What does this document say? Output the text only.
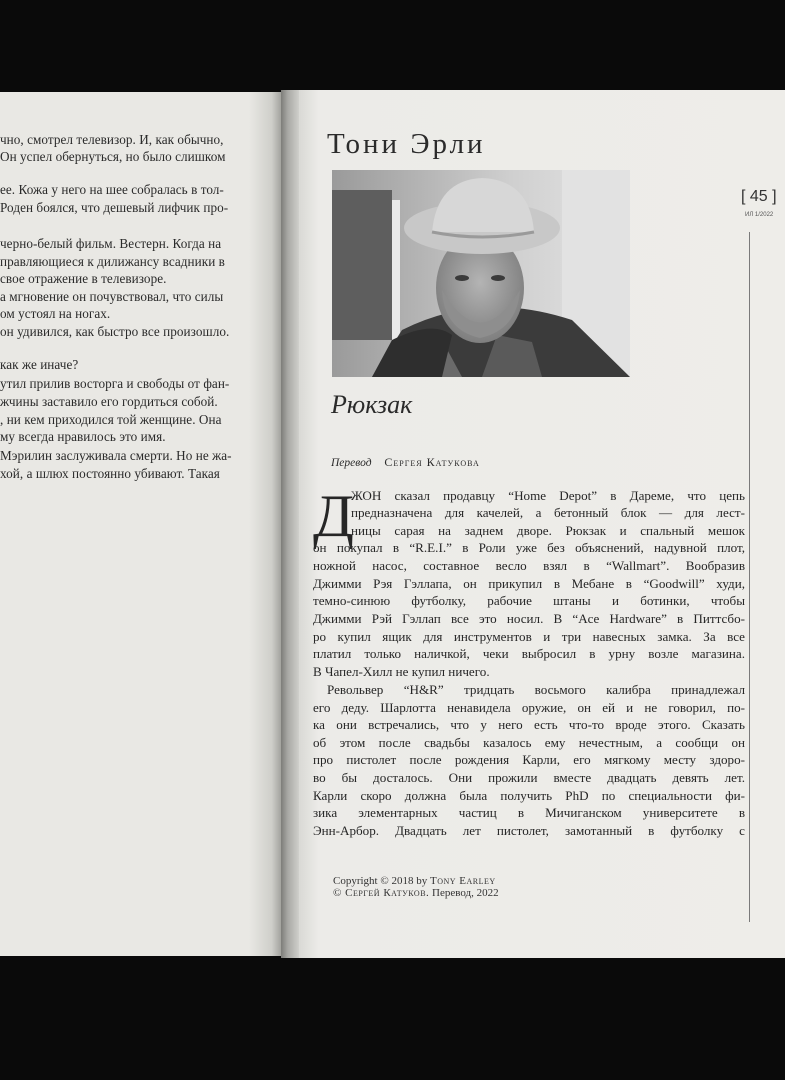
чно, смотрел телевизор. И, как обычно,
Он успел обернуться, но было слишком
ее. Кожа у него на шее собралась в тол-
Роден боялся, что дешевый лифчик про-
черно-белый фильм. Вестерн. Когда на
правляющиеся к дилижансу всадники в
свое отражение в телевизоре.
а мгновение он почувствовал, что силы
ом устоял на ногах.
он удивился, как быстро все произошло.
как же иначе?
утил прилив восторга и свободы от фан-
жчины заставило его гордиться собой.
, ни кем приходился той женщине. Она
му всегда нравилось это имя.
Мэрилин заслуживала смерти. Но не жа-
хой, а шлюх постоянно убивают. Такая
Тони Эрли
[ 45 ]
ИЛ 1/2022
Рюкзак
Перевод Сергея Катукова
Д
ЖОН сказал продавцу “Home Depot” в Дареме, что цепь
предназначена для качелей, а бетонный блок — для лест-
ницы сарая на заднем дворе. Рюкзак и спальный мешок
он покупал в “R.E.I.” в Роли уже без объяснений, надувной плот,
ножной насос, составное весло взял в “Wallmart”. Вообразив
Джимми Рэя Гэллапа, он прикупил в Мебане в “Goodwill” худи,
темно-синюю футболку, рабочие штаны и ботинки, чтобы
Джимми Рэй Гэллап все это носил. В “Ace Hardware” в Питтсбо-
ро купил ящик для инструментов и три навесных замка. За все
платил только наличкой, чеки выбросил в урну возле магазина.
В Чапел-Хилл не купил ничего.
Револьвер “H&R” тридцать восьмого калибра принадлежал
его деду. Шарлотта ненавидела оружие, он ей и не говорил, по-
ка они встречались, что у него есть что-то вроде этого. Сказать
об этом после свадьбы казалось ему нечестным, а сообщи он
про пистолет после рождения Карли, его мягкому месту здоро-
во бы досталось. Они прожили вместе двадцать девять лет.
Карли скоро должна была получить PhD по специальности фи-
зика элементарных частиц в Мичиганском университете в
Энн-Арбор. Двадцать лет пистолет, замотанный в футболку с
Copyright © 2018 by Tony Earley
© Сергей Катуков. Перевод, 2022
